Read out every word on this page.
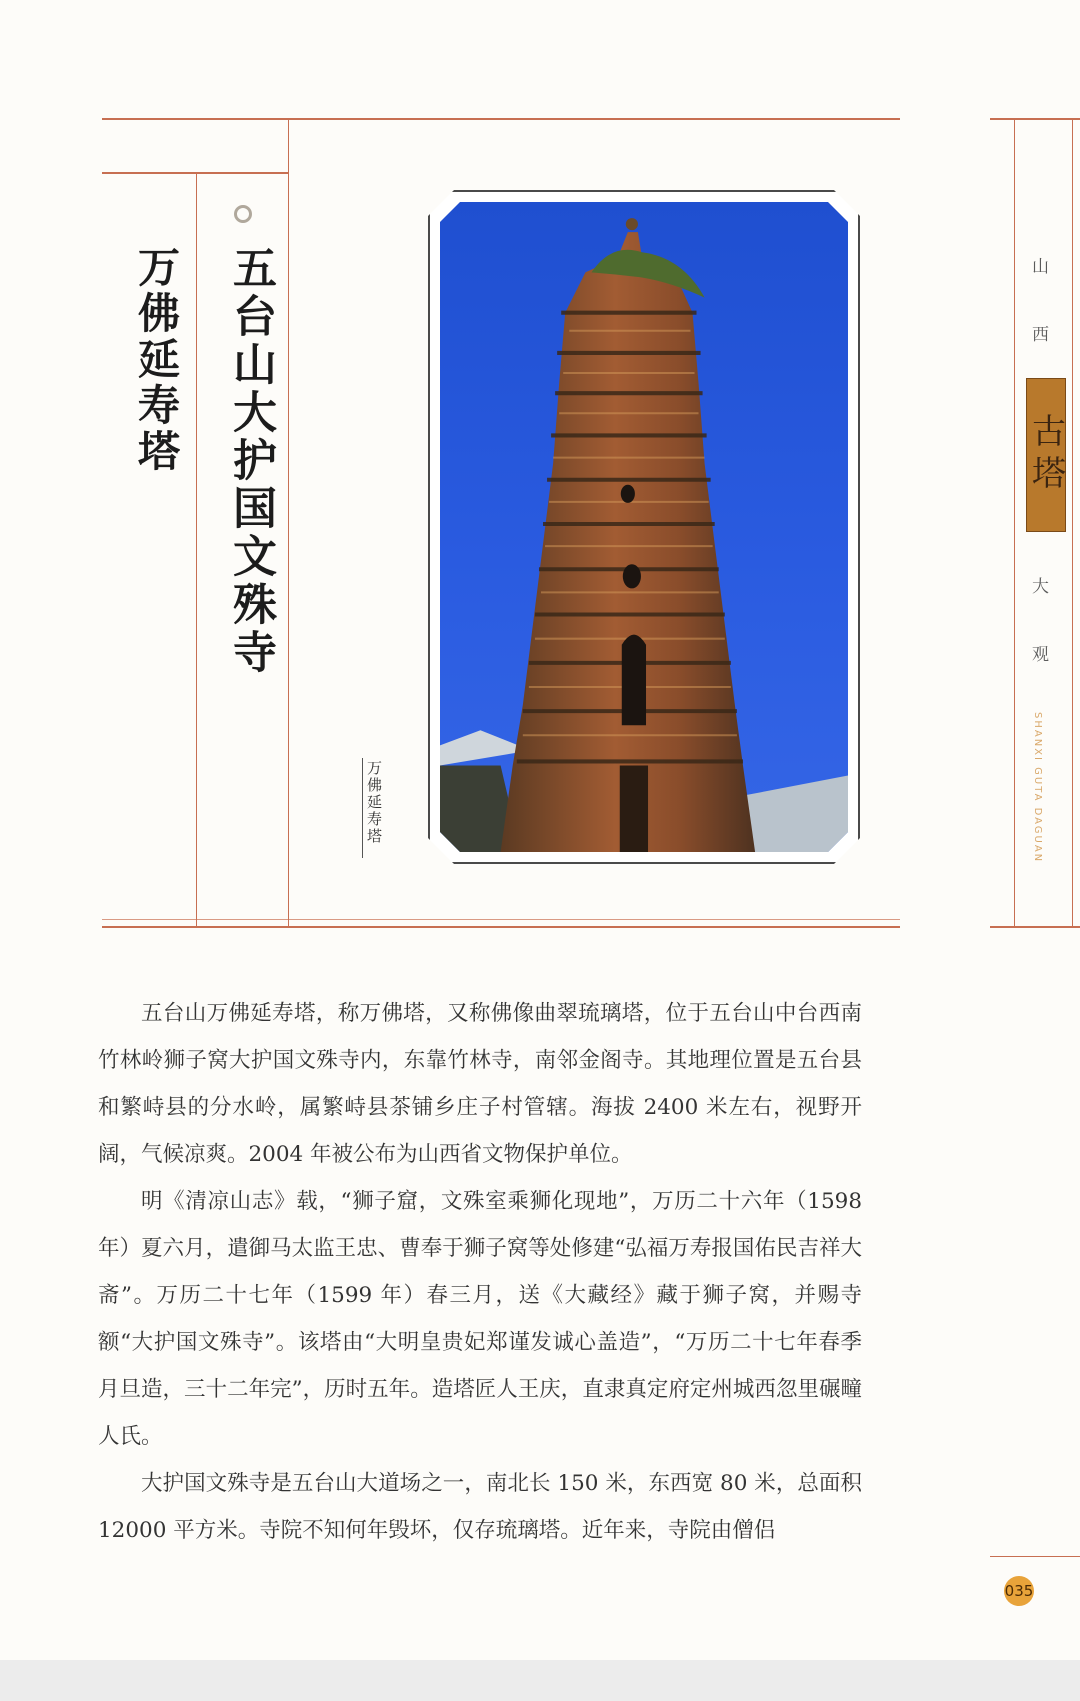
五台山大护国文殊寺
万佛延寿塔
万佛延寿塔

五台山万佛延寿塔，称万佛塔，又称佛像曲翠琉璃塔，位于五台山中台西南竹林岭狮子窝大护国文殊寺内，东靠竹林寺，南邻金阁寺。其地理位置是五台县和繁峙县的分水岭，属繁峙县茶铺乡庄子村管辖。海拔 2400 米左右，视野开阔，气候凉爽。2004 年被公布为山西省文物保护单位。

明《清凉山志》载，“狮子窟，文殊室乘狮化现地”，万历二十六年（1598 年）夏六月，遣御马太监王忠、曹奉于狮子窝等处修建“弘福万寿报国佑民吉祥大斋”。万历二十七年（1599 年）春三月，送《大藏经》藏于狮子窝，并赐寺额“大护国文殊寺”。该塔由“大明皇贵妃郑谨发诚心盖造”，“万历二十七年春季月旦造，三十二年完”，历时五年。造塔匠人王庆，直隶真定府定州城西忽里碾疃人氏。

大护国文殊寺是五台山大道场之一，南北长 150 米，东西宽 80 米，总面积 12000 平方米。寺院不知何年毁坏，仅存琉璃塔。近年来，寺院由僧侣

山
西
古塔
大
观
SHANXI GUTA DAGUAN
035
